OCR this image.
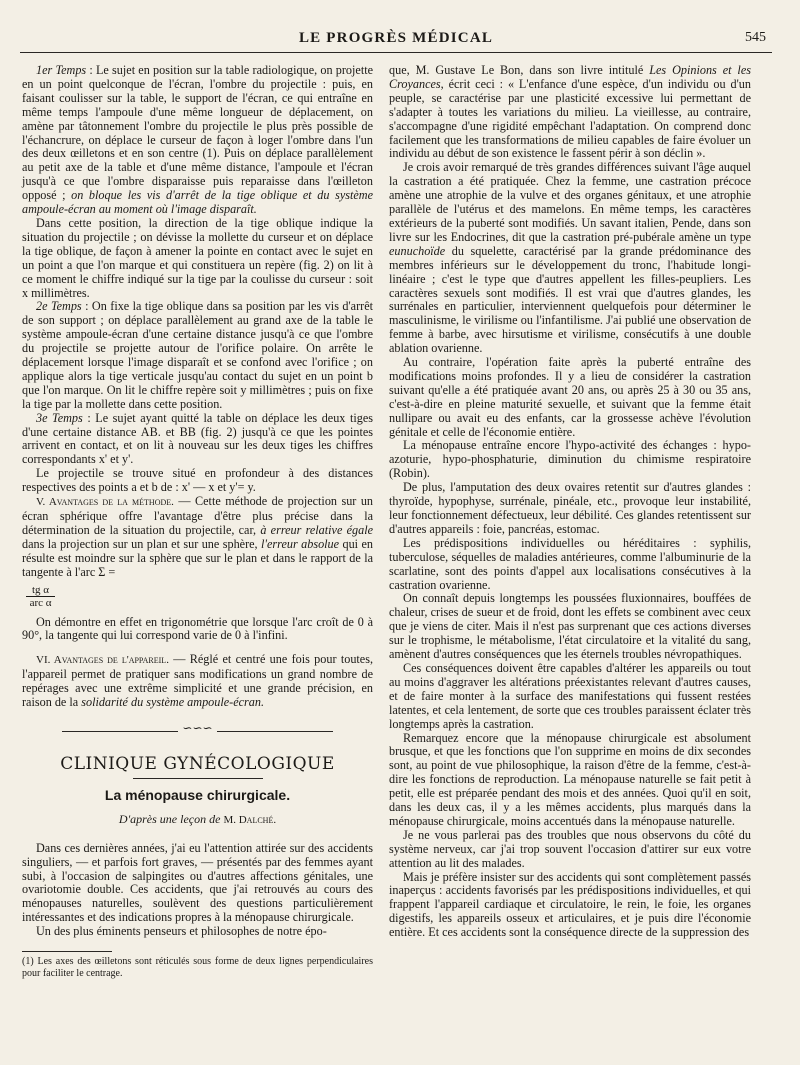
LE PROGRÈS MÉDICAL	545

1er Temps : Le sujet en position sur la table radiologique, on projette en un point quelconque de l'écran, l'ombre du projectile : puis, en faisant coulisser sur la table, le support de l'écran, ce qui entraîne en même temps l'ampoule d'une même longueur de déplacement, on amène par tâtonnement l'ombre du projectile le plus près possible de l'échancrure, on déplace le curseur de façon à loger l'ombre dans l'un des deux œilletons et en son centre (1). Puis on déplace parallèlement au petit axe de la table et d'une même distance, l'ampoule et l'écran jusqu'à ce que l'ombre disparaisse puis reparaisse dans l'œilleton opposé ; on bloque les vis d'arrêt de la tige oblique et du système ampoule-écran au moment où l'image disparaît.

Dans cette position, la direction de la tige oblique indique la situation du projectile ; on dévisse la mollette du curseur et on déplace la tige oblique, de façon à amener la pointe en contact avec le sujet en un point a que l'on marque et qui constituera un repère (fig. 2) on lit à ce moment le chiffre indiqué sur la tige par la coulisse du curseur : soit x millimètres.

2e Temps : On fixe la tige oblique dans sa position par les vis d'arrêt de son support ; on déplace parallèlement au grand axe de la table le système ampoule-écran d'une certaine distance jusqu'à ce que l'ombre du projectile se projette autour de l'orifice polaire. On arrête le déplacement lorsque l'image disparaît et se confond avec l'orifice ; on applique alors la tige verticale jusqu'au contact du sujet en un point b que l'on marque. On lit le chiffre repère soit y millimètres ; puis on fixe la tige par la mollette dans cette position.

3e Temps : Le sujet ayant quitté la table on déplace les deux tiges d'une certaine distance AB. et BB (fig. 2) jusqu'à ce que les pointes arrivent en contact, et on lit à nouveau sur les deux tiges les chiffres correspondants x' et y'.

Le projectile se trouve situé en profondeur à des distances respectives des points a et b de : x' — x et y'= y.

V. Avantages de la méthode. — Cette méthode de projection sur un écran sphérique offre l'avantage d'être plus précise dans la détermination de la situation du projectile, car, à erreur relative égale dans la projection sur un plan et sur une sphère, l'erreur absolue qui en résulte est moindre sur la sphère que sur le plan et dans le rapport de la tangente à l'arc Σ =

$\frac{\text{tg α}}{\text{arc α}}$

On démontre en effet en trigonométrie que lorsque l'arc croît de 0 à 90°, la tangente qui lui correspond varie de 0 à l'infini.

VI. Avantages de l'appareil. — Réglé et centré une fois pour toutes, l'appareil permet de pratiquer sans modifications un grand nombre de repérages avec une extrême simplicité et une grande précision, en raison de la solidarité du système ampoule-écran.

∽∽∽
CLINIQUE GYNÉCOLOGIQUE
La ménopause chirurgicale.
D'après une leçon de M. Dalché.

Dans ces dernières années, j'ai eu l'attention attirée sur des accidents singuliers, — et parfois fort graves, — présentés par des femmes ayant subi, à l'occasion de salpingites ou d'autres affections génitales, une ovariotomie double. Ces accidents, que j'ai retrouvés au cours des ménopauses naturelles, soulèvent des questions particulièrement intéressantes et des indications propres à la ménopause chirurgicale.

Un des plus éminents penseurs et philosophes de notre épo-

(1) Les axes des œilletons sont réticulés sous forme de deux lignes perpendiculaires pour faciliter le centrage.

que, M. Gustave Le Bon, dans son livre intitulé Les Opinions et les Croyances, écrit ceci : « L'enfance d'une espèce, d'un individu ou d'un peuple, se caractérise par une plasticité excessive lui permettant de s'adapter à toutes les variations du milieu. La vieillesse, au contraire, s'accompagne d'une rigidité empêchant l'adaptation. On comprend donc facilement que les transformations de milieu capables de faire évoluer un individu au début de son existence le fassent périr à son déclin ».

Je crois avoir remarqué de très grandes différences suivant l'âge auquel la castration a été pratiquée. Chez la femme, une castration précoce amène une atrophie de la vulve et des organes génitaux, et une atrophie parallèle de l'utérus et des mamelons. En même temps, les caractères extérieurs de la puberté sont modifiés. Un savant italien, Pende, dans son livre sur les Endocrines, dit que la castration pré-pubérale amène un type eunuchoïde du squelette, caractérisé par la grande prédominance des membres inférieurs sur le développement du tronc, l'habitude longi-linéaire ; c'est le type que d'autres appellent les filles-peupliers. Les caractères sexuels sont modifiés. Il est vrai que d'autres glandes, les surrénales en particulier, interviennent quelquefois pour déterminer le masculinisme, le virilisme ou l'infantilisme. J'ai publié une observation de femme à barbe, avec hirsutisme et virilisme, consécutifs à une double ablation ovarienne.

Au contraire, l'opération faite après la puberté entraîne des modifications moins profondes. Il y a lieu de considérer la castration suivant qu'elle a été pratiquée avant 20 ans, ou après 25 à 30 ou 35 ans, c'est-à-dire en pleine maturité sexuelle, et suivant que la femme était nullipare ou avait eu des enfants, car la grossesse achève l'évolution génitale et celle de l'économie entière.

La ménopause entraîne encore l'hypo-activité des échanges : hypo-azoturie, hypo-phosphaturie, diminution du chimisme respiratoire (Robin).

De plus, l'amputation des deux ovaires retentit sur d'autres glandes : thyroïde, hypophyse, surrénale, pinéale, etc., provoque leur instabilité, leur fonctionnement défectueux, leur débilité. Ces glandes retentissent sur d'autres appareils : foie, pancréas, estomac.

Les prédispositions individuelles ou héréditaires : syphilis, tuberculose, séquelles de maladies antérieures, comme l'albuminurie de la scarlatine, sont des points d'appel aux localisations consécutives à la castration ovarienne.

On connaît depuis longtemps les poussées fluxionnaires, bouffées de chaleur, crises de sueur et de froid, dont les effets se combinent avec ceux que je viens de citer. Mais il n'est pas surprenant que ces actions diverses sur le trophisme, le métabolisme, l'état circulatoire et la vitalité du sang, amènent d'autres conséquences que les éternels troubles névropathiques.

Ces conséquences doivent être capables d'altérer les appareils ou tout au moins d'aggraver les altérations préexistantes relevant d'autres causes, et de faire monter à la surface des manifestations qui fussent restées latentes, et cela lentement, de sorte que ces troubles paraissent éclater très longtemps après la castration.

Remarquez encore que la ménopause chirurgicale est absolument brusque, et que les fonctions que l'on supprime en moins de dix secondes sont, au point de vue philosophique, la raison d'être de la femme, c'est-à-dire les fonctions de reproduction. La ménopause naturelle se fait petit à petit, elle est préparée pendant des mois et des années. Quoi qu'il en soit, dans les deux cas, il y a les mêmes accidents, plus marqués dans la ménopause chirurgicale, moins accentués dans la ménopause naturelle.

Je ne vous parlerai pas des troubles que nous observons du côté du système nerveux, car j'ai trop souvent l'occasion d'attirer sur eux votre attention au lit des malades.

Mais je préfère insister sur des accidents qui sont complètement passés inaperçus : accidents favorisés par les prédispositions individuelles, et qui frappent l'appareil cardiaque et circulatoire, le rein, le foie, les organes digestifs, les appareils osseux et articulaires, et je puis dire l'économie entière. Et ces accidents sont la conséquence directe de la suppression des
